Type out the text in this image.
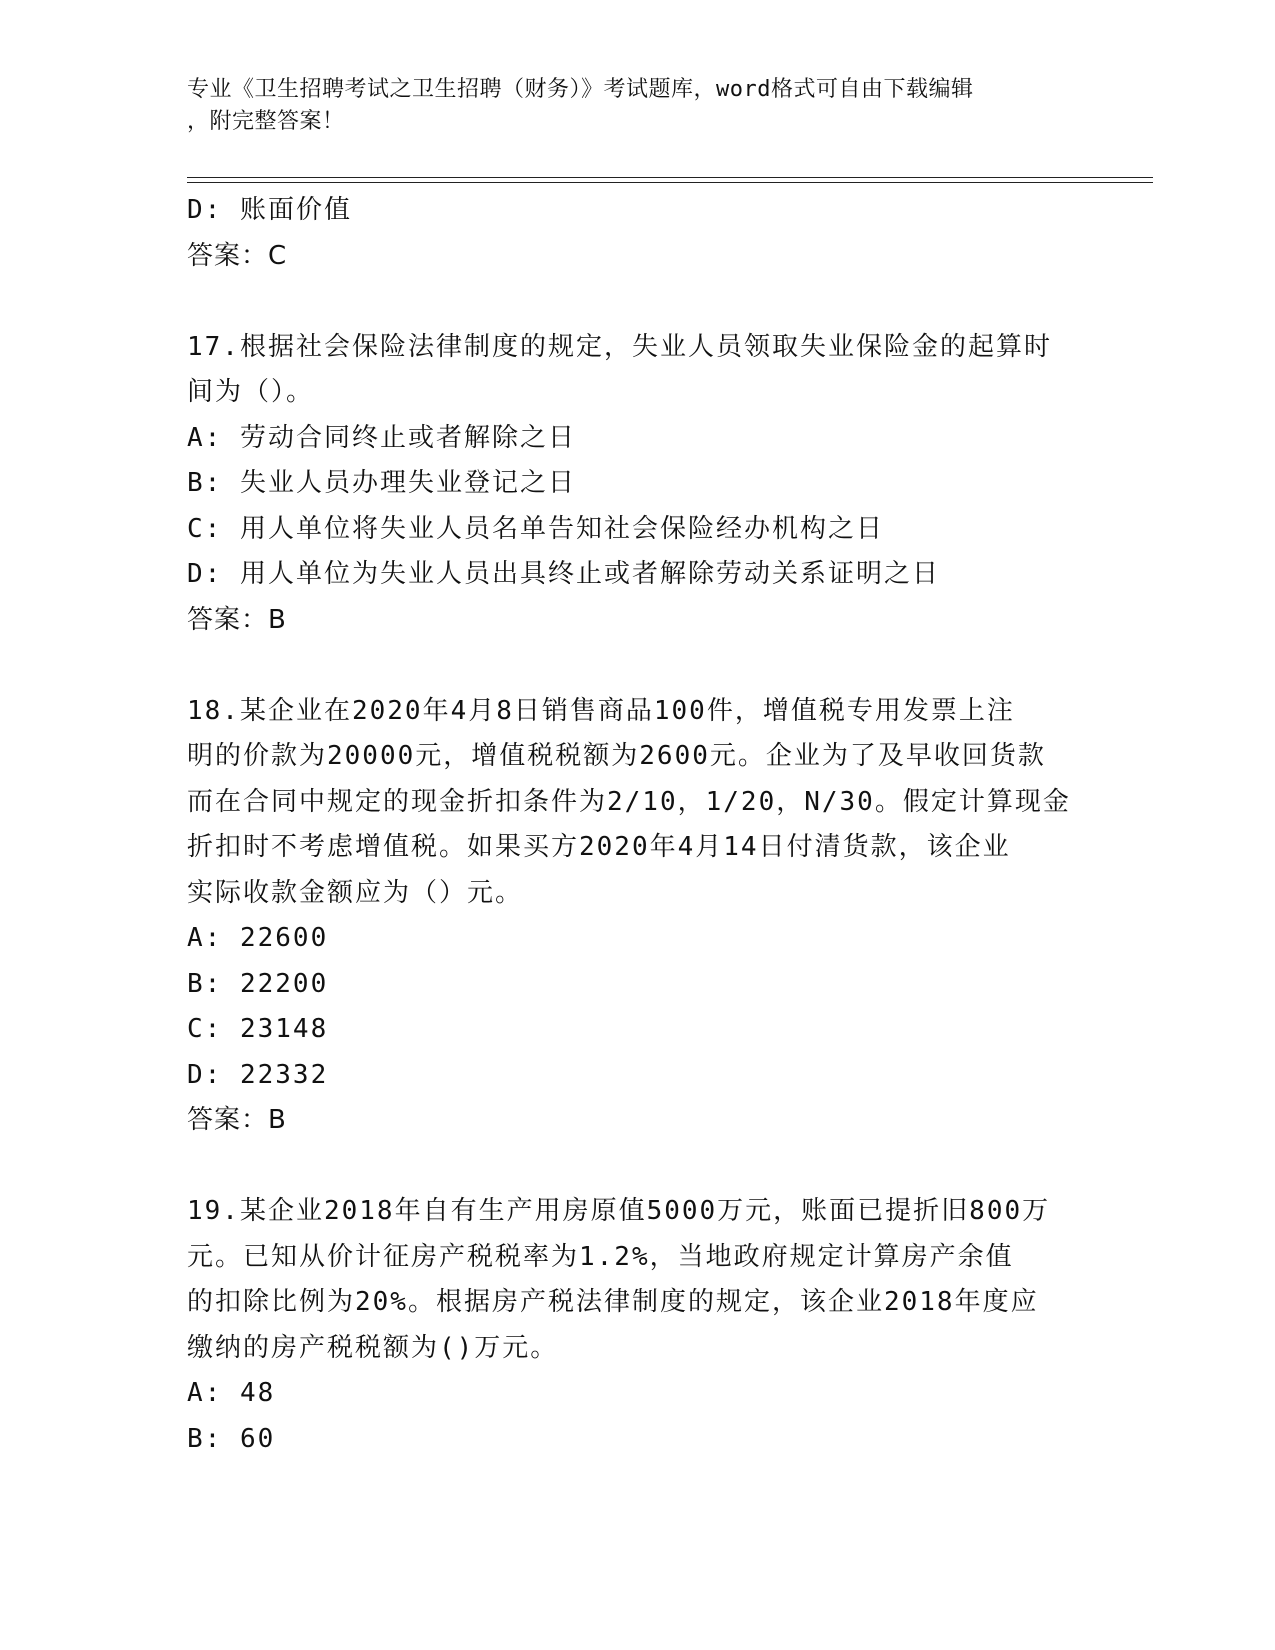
专业《卫生招聘考试之卫生招聘（财务）》考试题库，word格式可自由下载编辑
，附完整答案！
D: 账面价值
答案：C
17.根据社会保险法律制度的规定，失业人员领取失业保险金的起算时
间为（）。
A: 劳动合同终止或者解除之日
B: 失业人员办理失业登记之日
C: 用人单位将失业人员名单告知社会保险经办机构之日
D: 用人单位为失业人员出具终止或者解除劳动关系证明之日
答案：B
18.某企业在2020年4月8日销售商品100件，增值税专用发票上注
明的价款为20000元，增值税税额为2600元。企业为了及早收回货款
而在合同中规定的现金折扣条件为2/10，1/20，N/30。假定计算现金
折扣时不考虑增值税。如果买方2020年4月14日付清货款，该企业
实际收款金额应为（）元。
A: 22600
B: 22200
C: 23148
D: 22332
答案：B
19.某企业2018年自有生产用房原值5000万元，账面已提折旧800万
元。已知从价计征房产税税率为1.2%，当地政府规定计算房产余值
的扣除比例为20%。根据房产税法律制度的规定，该企业2018年度应
缴纳的房产税税额为()万元。
A: 48
B: 60
